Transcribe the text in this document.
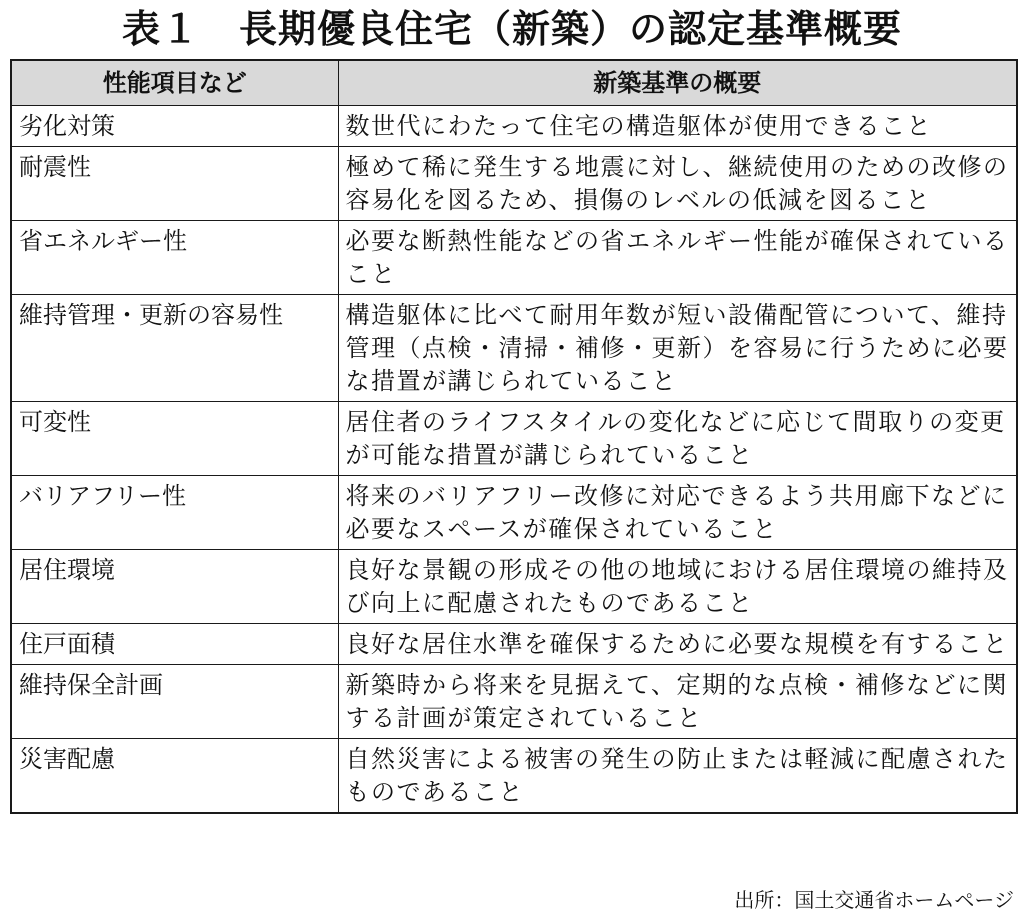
表１　長期優良住宅（新築）の認定基準概要
性能項目など	新築基準の概要
劣化対策	数世代にわたって住宅の構造躯体が使用できること
耐震性	極めて稀に発生する地震に対し、継続使用のための改修の容易化を図るため、損傷のレベルの低減を図ること
省エネルギー性	必要な断熱性能などの省エネルギー性能が確保されていること
維持管理・更新の容易性	構造躯体に比べて耐用年数が短い設備配管について、維持管理（点検・清掃・補修・更新）を容易に行うために必要な措置が講じられていること
可変性	居住者のライフスタイルの変化などに応じて間取りの変更が可能な措置が講じられていること
バリアフリー性	将来のバリアフリー改修に対応できるよう共用廊下などに必要なスペースが確保されていること
居住環境	良好な景観の形成その他の地域における居住環境の維持及び向上に配慮されたものであること
住戸面積	良好な居住水準を確保するために必要な規模を有すること
維持保全計画	新築時から将来を見据えて、定期的な点検・補修などに関する計画が策定されていること
災害配慮	自然災害による被害の発生の防止または軽減に配慮されたものであること
出所：国土交通省ホームページ
